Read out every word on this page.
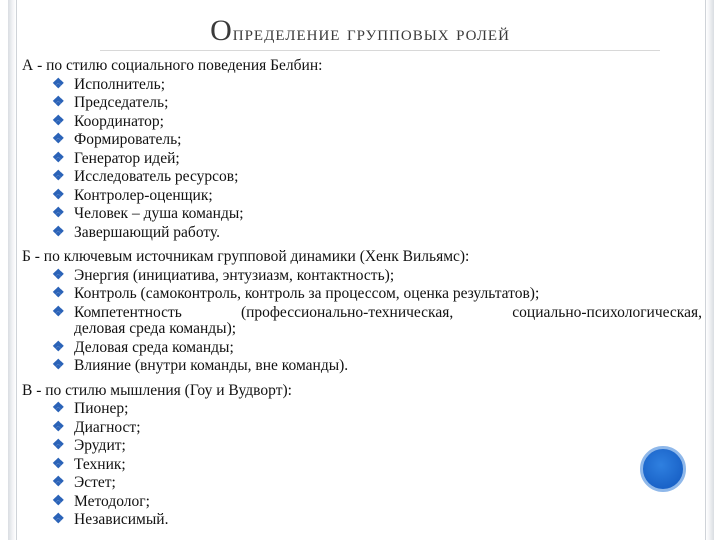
Определение групповых ролей
А - по стилю социального поведения Белбин:
❖ Исполнитель;
❖ Председатель;
❖ Координатор;
❖ Формирователь;
❖ Генератор идей;
❖ Исследователь ресурсов;
❖ Контролер-оценщик;
❖ Человек – душа команды;
❖ Завершающий работу.
Б - по ключевым источникам групповой динамики (Хенк Вильямс):
❖ Энергия (инициатива, энтузиазм, контактность);
❖ Контроль (самоконтроль, контроль за процессом, оценка результатов);
❖ Компетентность	(профессионально-техническая,	социально-психологическая,
деловая среда команды);
❖ Деловая среда команды;
❖ Влияние (внутри команды, вне команды).
В - по стилю мышления (Гоу и Вудворт):
❖ Пионер;
❖ Диагност;
❖ Эрудит;
❖ Техник;
❖ Эстет;
❖ Методолог;
❖ Независимый.
